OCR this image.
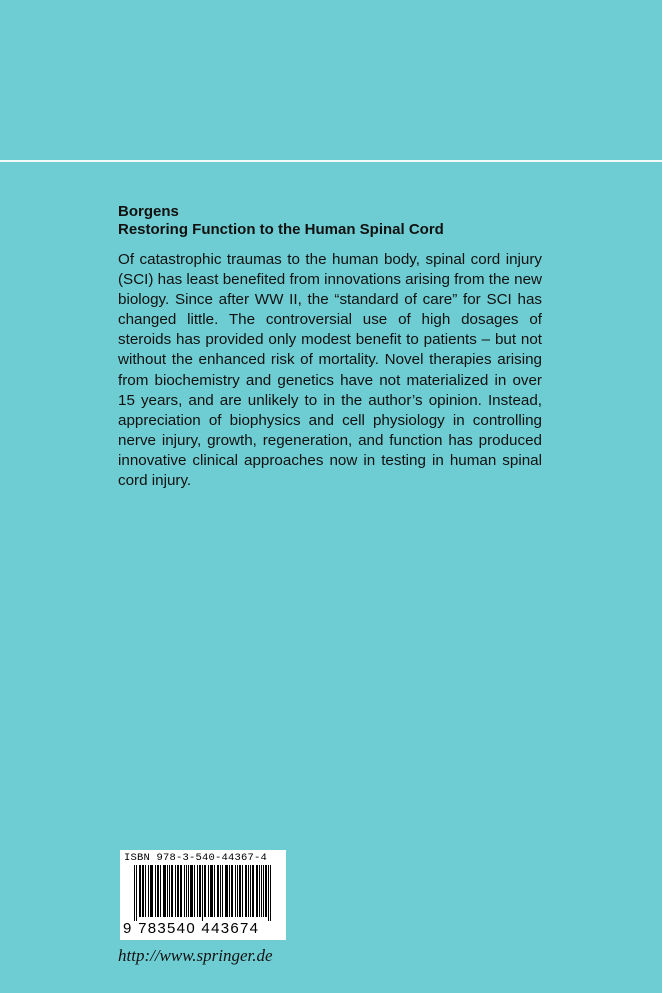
Borgens
Restoring Function to the Human Spinal Cord
Of catastrophic traumas to the human body, spinal cord injury (SCI) has least benefited from innovations arising from the new biology. Since after WW II, the “standard of care” for SCI has changed little. The controversial use of high dosages of steroids has provided only modest benefit to patients – but not without the enhanced risk of mortality. Novel therapies arising from biochemistry and genetics have not materialized in over 15 years, and are unlikely to in the author’s opinion. Instead, appreciation of biophysics and cell physiology in controlling nerve injury, growth, regeneration, and function has produced innovative clinical approaches now in testing in human spinal cord injury.
ISBN 978-3-540-44367-4
9 783540 443674
http://www.springer.de
